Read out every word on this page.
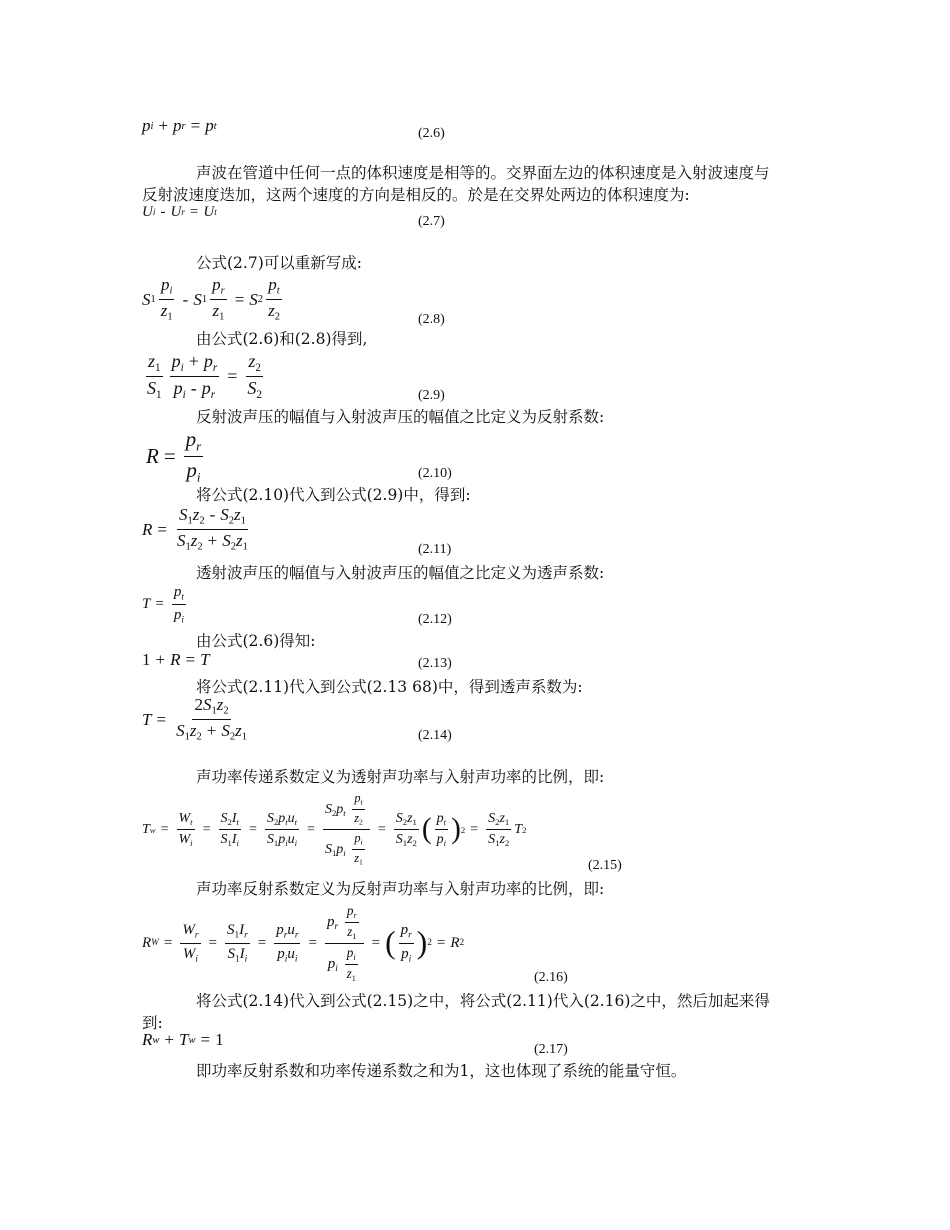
p i + p r = p t	(2.6)
声波在管道中任何一点的体积速度是相等的。交界面左边的体积速度是入射波速度与
反射波速度迭加，这两个速度的方向是相反的。於是在交界处两边的体积速度为:
U i - U r = U t
(2.7)
公式(2.7)可以重新写成:
S $1 \frac{p_i}{z_1}$ - S $1 \frac{p_r}{z_1} = S$ $2 \frac{p_t}{z_2}$	(2.8)
由公式(2.6)和(2.8)得到,
$\frac{z_1}{S_1} \frac{p_i + p_r}{p_i - p_r} = \frac{z_2}{S_2}$	(2.9)
反射波声压的幅值与入射波声压的幅值之比定义为反射系数:
$R = \frac{p_r}{p_i}$	(2.10)
将公式(2.10)代入到公式(2.9)中，得到:
$R = \frac{S_1z_2 - S_2z_1}{S_1z_2 + S_2z_1}$	(2.11)
透射波声压的幅值与入射波声压的幅值之比定义为透声系数:
$T = \frac{p_t}{p_i}$	(2.12)
由公式(2.6)得知:
1 + R = T	(2.13)
将公式(2.11)代入到公式(2.13 68)中，得到透声系数为:
$T = \frac{2S_1z_2}{S_1z_2 + S_2z_1}$	(2.14)
声功率传递系数定义为透射声功率与入射声功率的比例，即:
T $w = \frac{W_t}{W_i} = \frac{S_2I_t}{S_1I_i} = \frac{S_2p_tu_t}{S_1p_iu_i} = \frac{S_2p_t \frac{p_t}{z_2}}{S_1p_i \frac{p_i}{z_1}} = \frac{S_2z_1}{S_1z_2}$ ( $\frac{p_t}{p_i}$ ) $2 = \frac{S_2z_1}{S_1z_2}$ T 2
(2.15)
声功率反射系数定义为反射声功率与入射声功率的比例，即:
R $W = \frac{W_r}{W_i} = \frac{S_1I_r}{S_1I_i} = \frac{p_ru_r}{p_iu_i} = \frac{p_r \frac{p_r}{z_1}}{p_i \frac{p_i}{z_1}}$ = ( $\frac{p_r}{p_i}$ ) 2 = R 2
(2.16)
将公式(2.14)代入到公式(2.15)之中，将公式(2.11)代入(2.16)之中，然后加起来得
到:
R w + T w = 1
(2.17)
即功率反射系数和功率传递系数之和为1，这也体现了系统的能量守恒。
